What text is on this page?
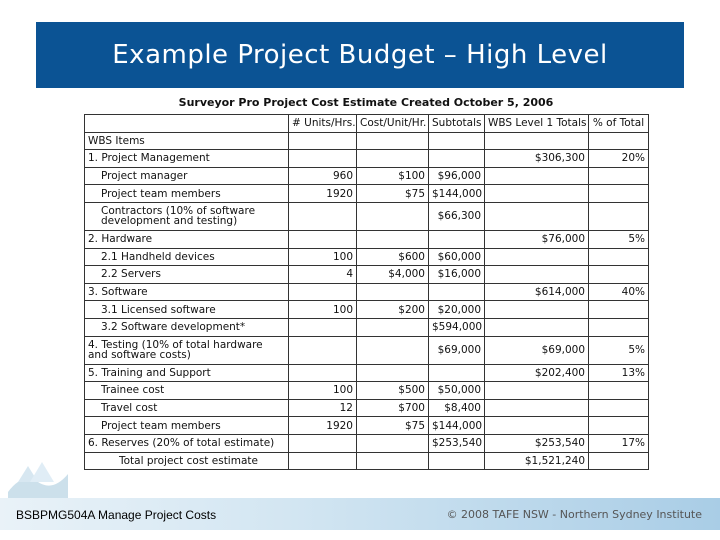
Example Project Budget – High Level
Surveyor Pro Project Cost Estimate Created October 5, 2006
	# Units/Hrs.	Cost/Unit/Hr.	Subtotals	WBS Level 1 Totals	% of Total
WBS Items					
1. Project Management				$306,300	20%
Project manager	960	$100	$96,000		
Project team members	1920	$75	$144,000		
Contractors (10% of software development and testing)			$66,300		
2. Hardware				$76,000	5%
2.1 Handheld devices	100	$600	$60,000		
2.2 Servers	4	$4,000	$16,000		
3. Software				$614,000	40%
3.1 Licensed software	100	$200	$20,000		
3.2 Software development*			$594,000		
4. Testing (10% of total hardware and software costs)			$69,000	$69,000	5%
5. Training and Support				$202,400	13%
Trainee cost	100	$500	$50,000		
Travel cost	12	$700	$8,400		
Project team members	1920	$75	$144,000		
6. Reserves (20% of total estimate)			$253,540	$253,540	17%
Total project cost estimate				$1,521,240	
BSBPMG504A Manage Project Costs	© 2008 TAFE NSW - Northern Sydney Institute
